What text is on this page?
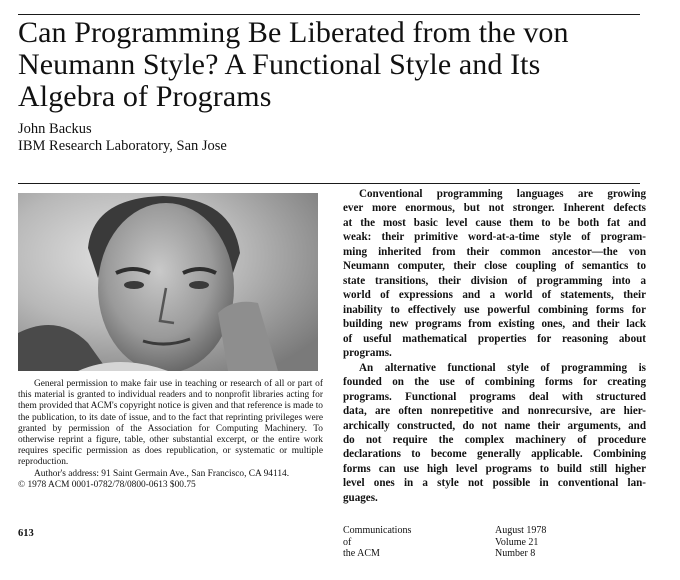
Can Programming Be Liberated from the von
Neumann Style? A Functional Style and Its
Algebra of Programs
John Backus
IBM Research Laboratory, San Jose

General permission to make fair use in teaching or research of all or part of this material is granted to individual readers and to nonprofit libraries acting for them provided that ACM's copyright notice is given and that reference is made to the publication, to its date of issue, and to the fact that reprinting privileges were granted by permission of the Association for Computing Machinery. To otherwise reprint a figure, table, other substantial excerpt, or the entire work requires specific permission as does republication, or systematic or multiple reproduction.

Author's address: 91 Saint Germain Ave., San Francisco, CA 94114.

© 1978 ACM 0001-0782/78/0800-0613 $00.75

613
Conventional programming languages are growing
ever more enormous, but not stronger. Inherent defects
at the most basic level cause them to be both fat and
weak: their primitive word-at-a-time style of program-
ming inherited from their common ancestor—the von
Neumann computer, their close coupling of semantics to
state transitions, their division of programming into a
world of expressions and a world of statements, their
inability to effectively use powerful combining forms for
building new programs from existing ones, and their lack
of useful mathematical properties for reasoning about
programs.
An alternative functional style of programming is
founded on the use of combining forms for creating
programs. Functional programs deal with structured
data, are often nonrepetitive and nonrecursive, are hier-
archically constructed, do not name their arguments, and
do not require the complex machinery of procedure
declarations to become generally applicable. Combining
forms can use high level programs to build still higher
level ones in a style not possible in conventional lan-
guages.
Communications
of
the ACM
August 1978
Volume 21
Number 8
